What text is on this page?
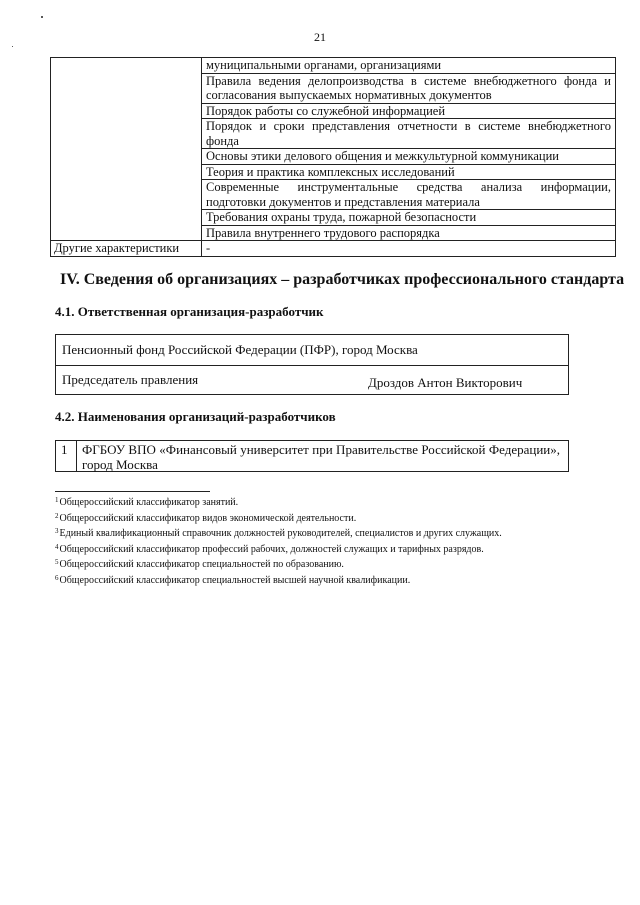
21
	муниципальными органами, организациями
	Правила ведения делопроизводства в системе внебюджетного фонда и согласования выпускаемых нормативных документов
	Порядок работы со служебной информацией
	Порядок и сроки представления отчетности в системе внебюджетного фонда
	Основы этики делового общения и межкультурной коммуникации
	Теория и практика комплексных исследований
	Современные инструментальные средства анализа информации, подготовки документов и представления материала
	Требования охраны труда, пожарной безопасности
	Правила внутреннего трудового распорядка
Другие характеристики	-
IV. Сведения об организациях – разработчиках профессионального стандарта
4.1. Ответственная организация-разработчик
Пенсионный фонд Российской Федерации (ПФР), город Москва
Председатель правления	Дроздов Антон Викторович
4.2. Наименования организаций-разработчиков
1 ФГБОУ ВПО «Финансовый университет при Правительстве Российской Федерации», город Москва
$^1$Общероссийский классификатор занятий.
$^2$Общероссийский классификатор видов экономической деятельности.
$^3$Единый квалификационный справочник должностей руководителей, специалистов и других служащих.
$^4$Общероссийский классификатор профессий рабочих, должностей служащих и тарифных разрядов.
$^5$Общероссийский классификатор специальностей по образованию.
$^6$Общероссийский классификатор специальностей высшей научной квалификации.
